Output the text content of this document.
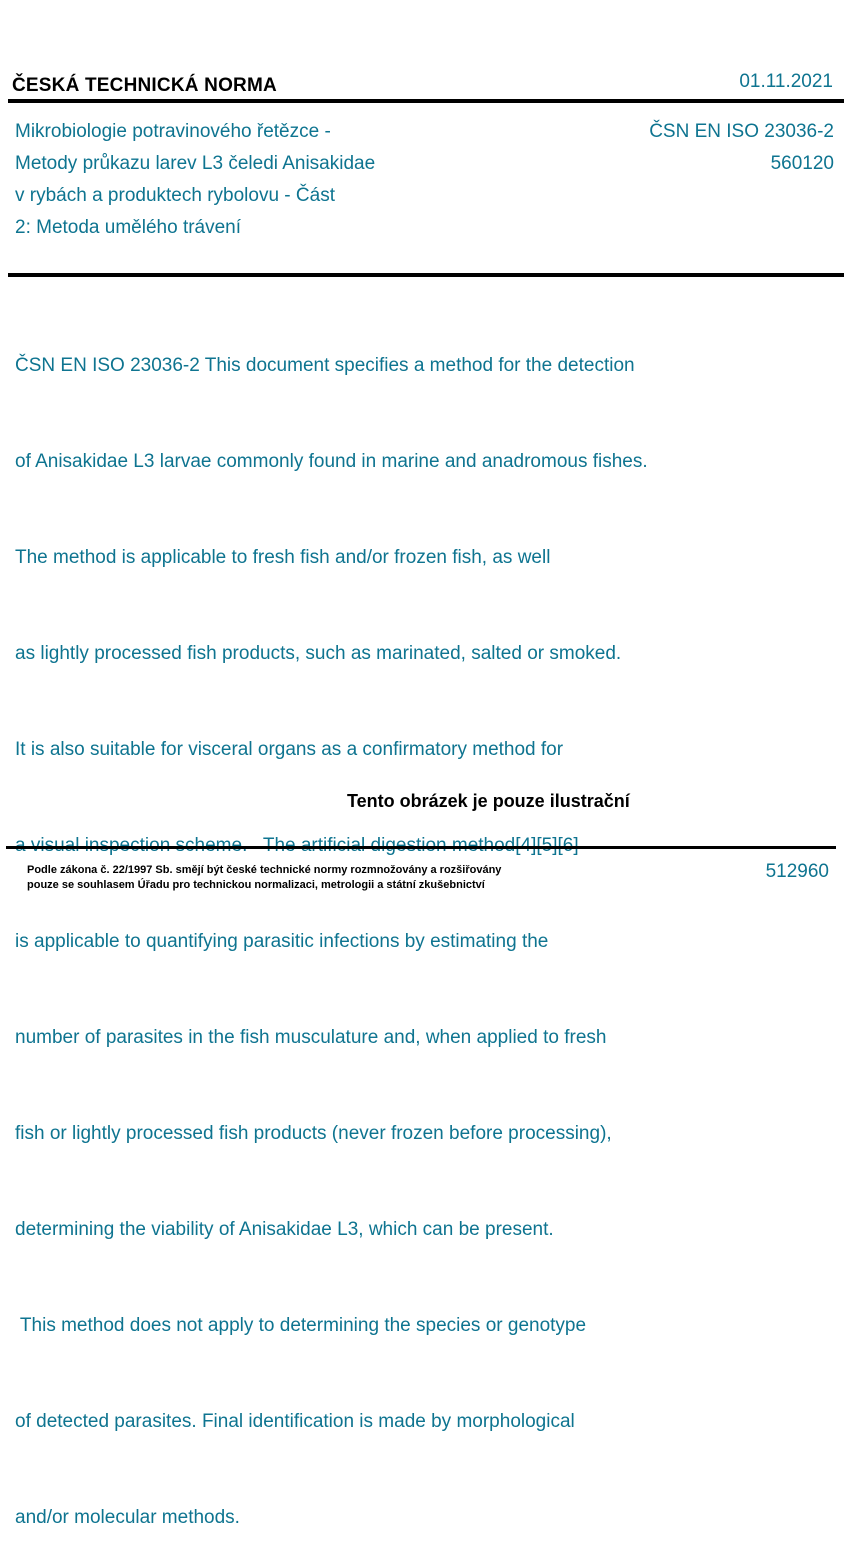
ČESKÁ TECHNICKÁ NORMA	01.11.2021
Mikrobiologie potravinového řetězce -
Metody průkazu larev L3 čeledi Anisakidae
v rybách a produktech rybolovu - Část
2: Metoda umělého trávení
ČSN EN ISO 23036-2
560120

ČSN EN ISO 23036-2 This document specifies a method for the detection

of Anisakidae L3 larvae commonly found in marine and anadromous fishes.

The method is applicable to fresh fish and/or frozen fish, as well

as lightly processed fish products, such as marinated, salted or smoked.

It is also suitable for visceral organs as a confirmatory method for

is applicable to quantifying parasitic infections by estimating the

number of parasites in the fish musculature and, when applied to fresh

fish or lightly processed fish products (never frozen before processing),

determining the viability of Anisakidae L3, which can be present.

This method does not apply to determining the species or genotype

of detected parasites. Final identification is made by morphological

and/or molecular methods.

Tento obrázek je pouze ilustrační
Podle zákona č. 22/1997 Sb. smějí být české technické normy rozmnožovány a rozšiřovány
pouze se souhlasem Úřadu pro technickou normalizaci, metrologii a státní zkušebnictví
512960
